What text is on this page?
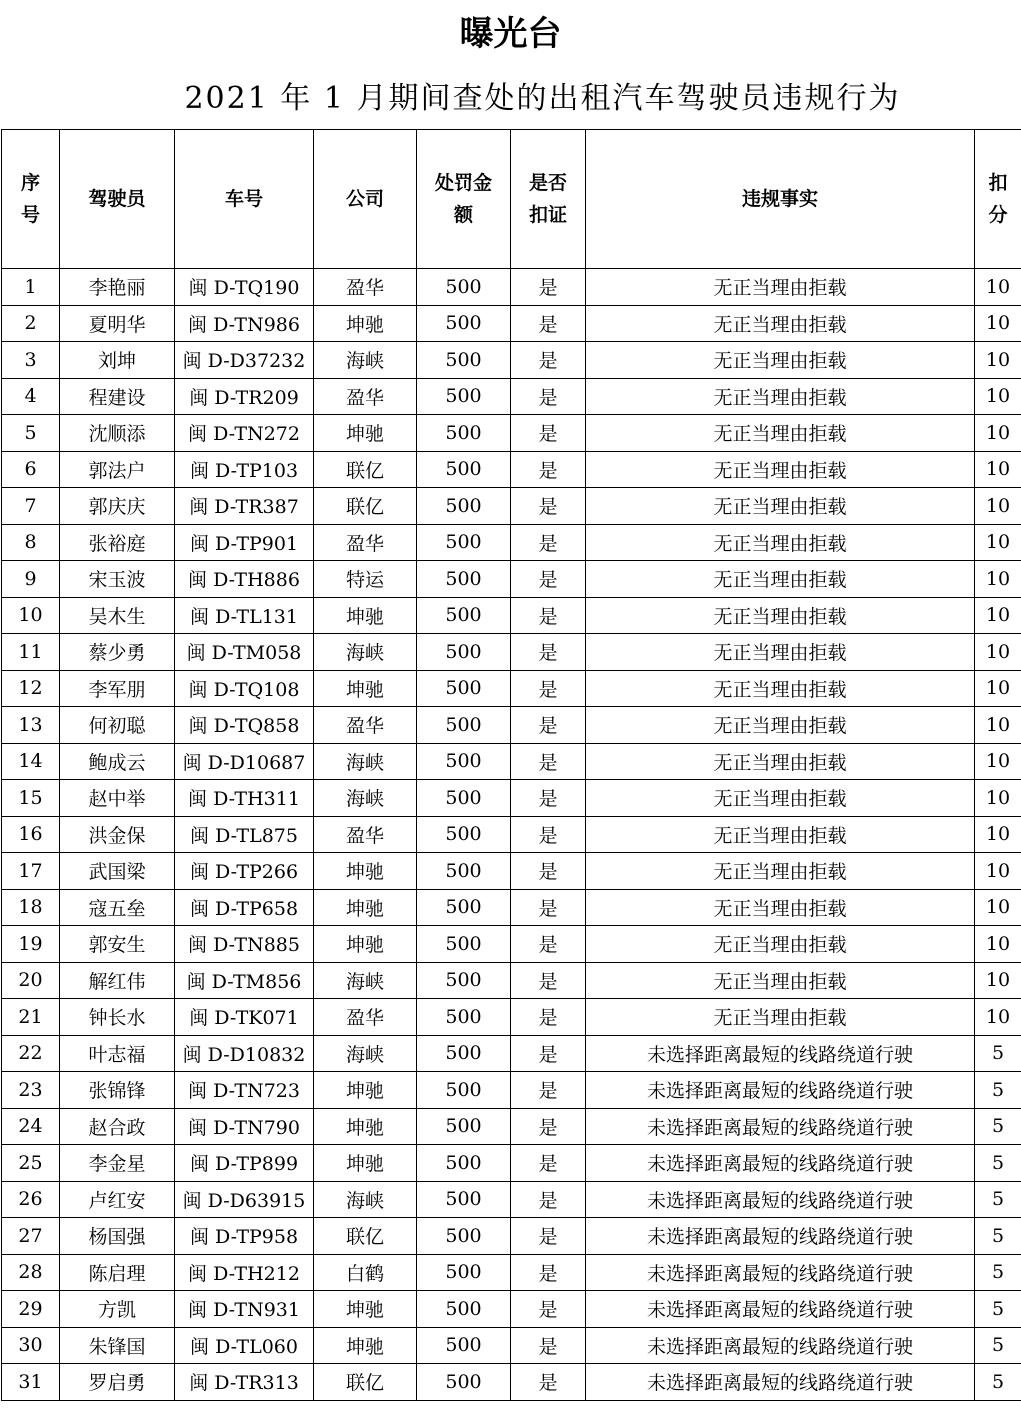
曝光台
2021 年 1 月期间查处的出租汽车驾驶员违规行为
序号	驾驶员	车号	公司	处罚金额	是否扣证	违规事实	扣分
1	李艳丽	闽 D-TQ190	盈华	500	是	无正当理由拒载	10
2	夏明华	闽 D-TN986	坤驰	500	是	无正当理由拒载	10
3	刘坤	闽 D-D37232	海峡	500	是	无正当理由拒载	10
4	程建设	闽 D-TR209	盈华	500	是	无正当理由拒载	10
5	沈顺添	闽 D-TN272	坤驰	500	是	无正当理由拒载	10
6	郭法户	闽 D-TP103	联亿	500	是	无正当理由拒载	10
7	郭庆庆	闽 D-TR387	联亿	500	是	无正当理由拒载	10
8	张裕庭	闽 D-TP901	盈华	500	是	无正当理由拒载	10
9	宋玉波	闽 D-TH886	特运	500	是	无正当理由拒载	10
10	吴木生	闽 D-TL131	坤驰	500	是	无正当理由拒载	10
11	蔡少勇	闽 D-TM058	海峡	500	是	无正当理由拒载	10
12	李军朋	闽 D-TQ108	坤驰	500	是	无正当理由拒载	10
13	何初聪	闽 D-TQ858	盈华	500	是	无正当理由拒载	10
14	鲍成云	闽 D-D10687	海峡	500	是	无正当理由拒载	10
15	赵中举	闽 D-TH311	海峡	500	是	无正当理由拒载	10
16	洪金保	闽 D-TL875	盈华	500	是	无正当理由拒载	10
17	武国梁	闽 D-TP266	坤驰	500	是	无正当理由拒载	10
18	寇五垒	闽 D-TP658	坤驰	500	是	无正当理由拒载	10
19	郭安生	闽 D-TN885	坤驰	500	是	无正当理由拒载	10
20	解红伟	闽 D-TM856	海峡	500	是	无正当理由拒载	10
21	钟长水	闽 D-TK071	盈华	500	是	无正当理由拒载	10
22	叶志福	闽 D-D10832	海峡	500	是	未选择距离最短的线路绕道行驶	5
23	张锦锋	闽 D-TN723	坤驰	500	是	未选择距离最短的线路绕道行驶	5
24	赵合政	闽 D-TN790	坤驰	500	是	未选择距离最短的线路绕道行驶	5
25	李金星	闽 D-TP899	坤驰	500	是	未选择距离最短的线路绕道行驶	5
26	卢红安	闽 D-D63915	海峡	500	是	未选择距离最短的线路绕道行驶	5
27	杨国强	闽 D-TP958	联亿	500	是	未选择距离最短的线路绕道行驶	5
28	陈启理	闽 D-TH212	白鹤	500	是	未选择距离最短的线路绕道行驶	5
29	方凯	闽 D-TN931	坤驰	500	是	未选择距离最短的线路绕道行驶	5
30	朱锋国	闽 D-TL060	坤驰	500	是	未选择距离最短的线路绕道行驶	5
31	罗启勇	闽 D-TR313	联亿	500	是	未选择距离最短的线路绕道行驶	5
